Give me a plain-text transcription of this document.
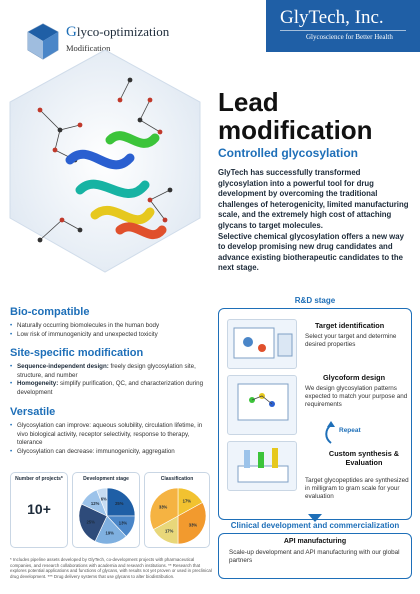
Glyco-optimization
Modification
GlyTech, Inc.
Glycoscience for Better Health
Lead
modification
Controlled glycosylation

GlyTech has successfully transformed glycosylation into a powerful tool for drug development by overcoming the traditional challenges of heterogenicity, limited manufacturing scale, and the extremely high cost of attaching glycans to target molecules.

Selective chemical glycosylation offers a new way to develop promising new drug candidates and advance existing biotherapeutic candidates to the next stage.

Bio-compatible
• Naturally occurring biomolecules in the human body
• Low risk of immunogenicity and unexpected toxicity
Site-specific modification
• Sequence-independent design: freely design glycosylation site, structure, and number
• Homogeneity: simplify purification, QC, and characterization during development
Versatile
• Glycosylation can improve: aqueous solubility, circulation lifetime, in vivo biological activity, receptor selectivity, response to therapy, tolerance
• Glycosylation can decrease: immunogenicity, aggregation
Number of projects*
10+
Development stage
25%
13%
19%
25%
12%
6%
Classification
17%
33%
17%
33%
* Includes pipeline assets developed by GlyTech, co-development projects with pharmaceutical companies, and research collaborations with academia and research institutions. ** Research that explores potential applications and functions of glycans, with results not yet proven or used in preclinical drug development. *** Drug delivery systems that use glycans to alter biodistribution.
R&D stage
Target identification
Select your target and determine desired properties
Glycoform design
We design glycosylation patterns expected to match your purpose and requirements
Repeat
Custom synthesis & Evaluation
Target glycopeptides are synthesized in milligram to gram scale for your evaluation
Clinical development and commercialization
API manufacturing
Scale-up development and API manufacturing with our global partners
